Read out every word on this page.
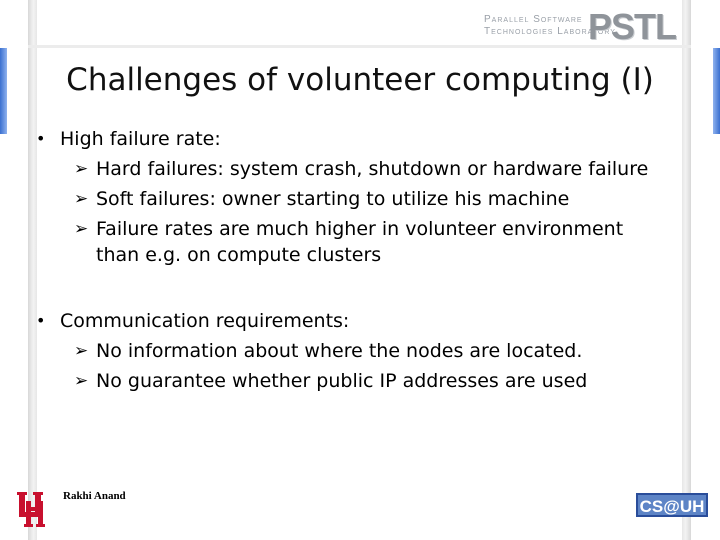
Parallel Software
Technologies Laboratory
PSTL
Challenges of volunteer computing (I)
• High failure rate:
➢ Hard failures: system crash, shutdown or hardware failure
➢ Soft failures: owner starting to utilize his machine
➢ Failure rates are much higher in volunteer environment
than e.g. on compute clusters
• Communication requirements:
➢ No information about where the nodes are located.
➢ No guarantee whether public IP addresses are used
Rakhi Anand
CS@UH
